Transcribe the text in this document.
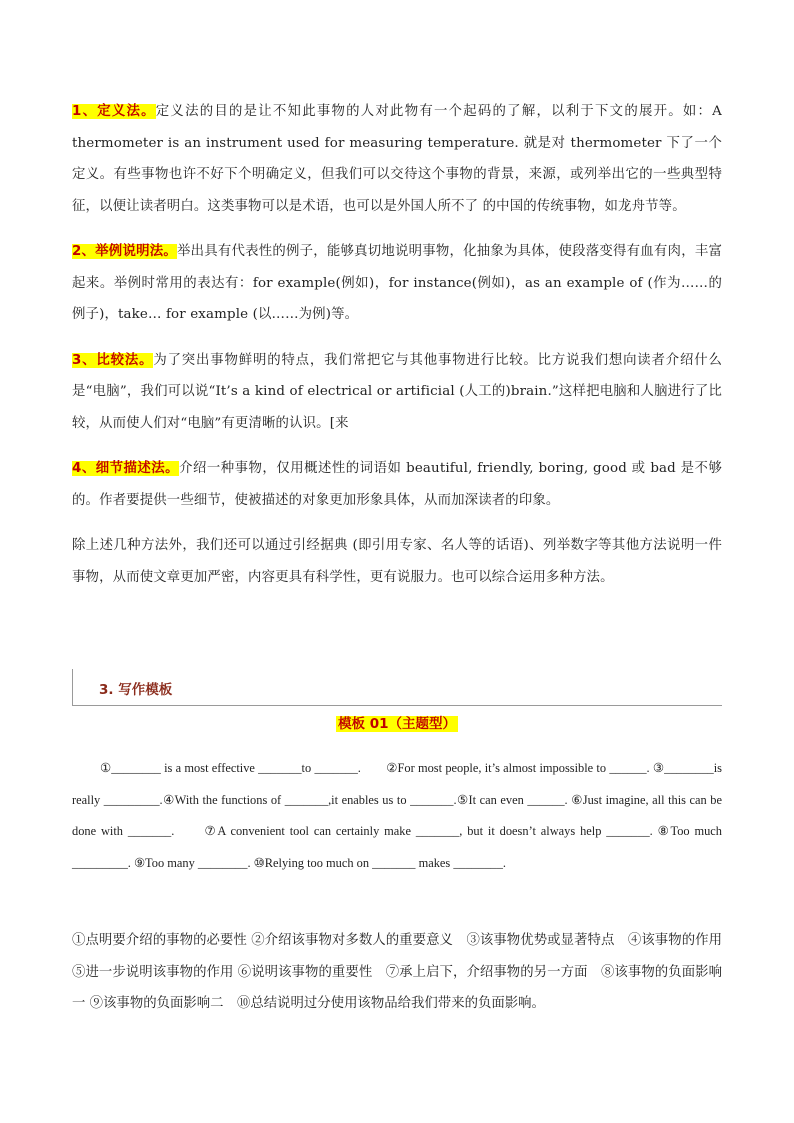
1、定义法。定义法的目的是让不知此事物的人对此物有一个起码的了解，以利于下文的展开。如：A thermometer is an instrument used for measuring temperature. 就是对 thermometer 下了一个定义。有些事物也许不好下个明确定义，但我们可以交待这个事物的背景，来源，或列举出它的一些典型特征，以便让读者明白。这类事物可以是术语，也可以是外国人所不了 的中国的传统事物，如龙舟节等。

2、举例说明法。举出具有代表性的例子，能够真切地说明事物，化抽象为具体，使段落变得有血有肉，丰富起来。举例时常用的表达有：for example(例如)，for instance(例如)，as an example of (作为……的例子)，take… for example (以……为例)等。

3、比较法。为了突出事物鲜明的特点，我们常把它与其他事物进行比较。比方说我们想向读者介绍什么是“电脑”，我们可以说“It’s a kind of electrical or artificial (人工的)brain.”这样把电脑和人脑进行了比较，从而使人们对“电脑”有更清晰的认识。[来

4、细节描述法。介绍一种事物，仅用概述性的词语如 beautiful, friendly, boring, good 或 bad 是不够的。作者要提供一些细节，使被描述的对象更加形象具体，从而加深读者的印象。

除上述几种方法外，我们还可以通过引经据典 (即引用专家、名人等的话语)、列举数字等其他方法说明一件事物，从而使文章更加严密，内容更具有科学性，更有说服力。也可以综合运用多种方法。

3. 写作模板
模板 01（主题型）
①________ is a most effective _______to _______.　　②For most people, it’s almost impossible to ______. ③________is really _________.④With the functions of _______,it enables us to _______.⑤It can even ______. ⑥Just imagine, all this can be done with _______.　　⑦A convenient tool can certainly make _______, but it doesn’t always help _______. ⑧Too much _________. ⑨Too many ________. ⑩Relying too much on _______ makes ________.
①点明要介绍的事物的必要性 ②介绍该事物对多数人的重要意义　③该事物优势或显著特点　④该事物的作用　⑤进一步说明该事物的作用 ⑥说明该事物的重要性　⑦承上启下，介绍事物的另一方面　⑧该事物的负面影响一 ⑨该事物的负面影响二　⑩总结说明过分使用该物品给我们带来的负面影响。
